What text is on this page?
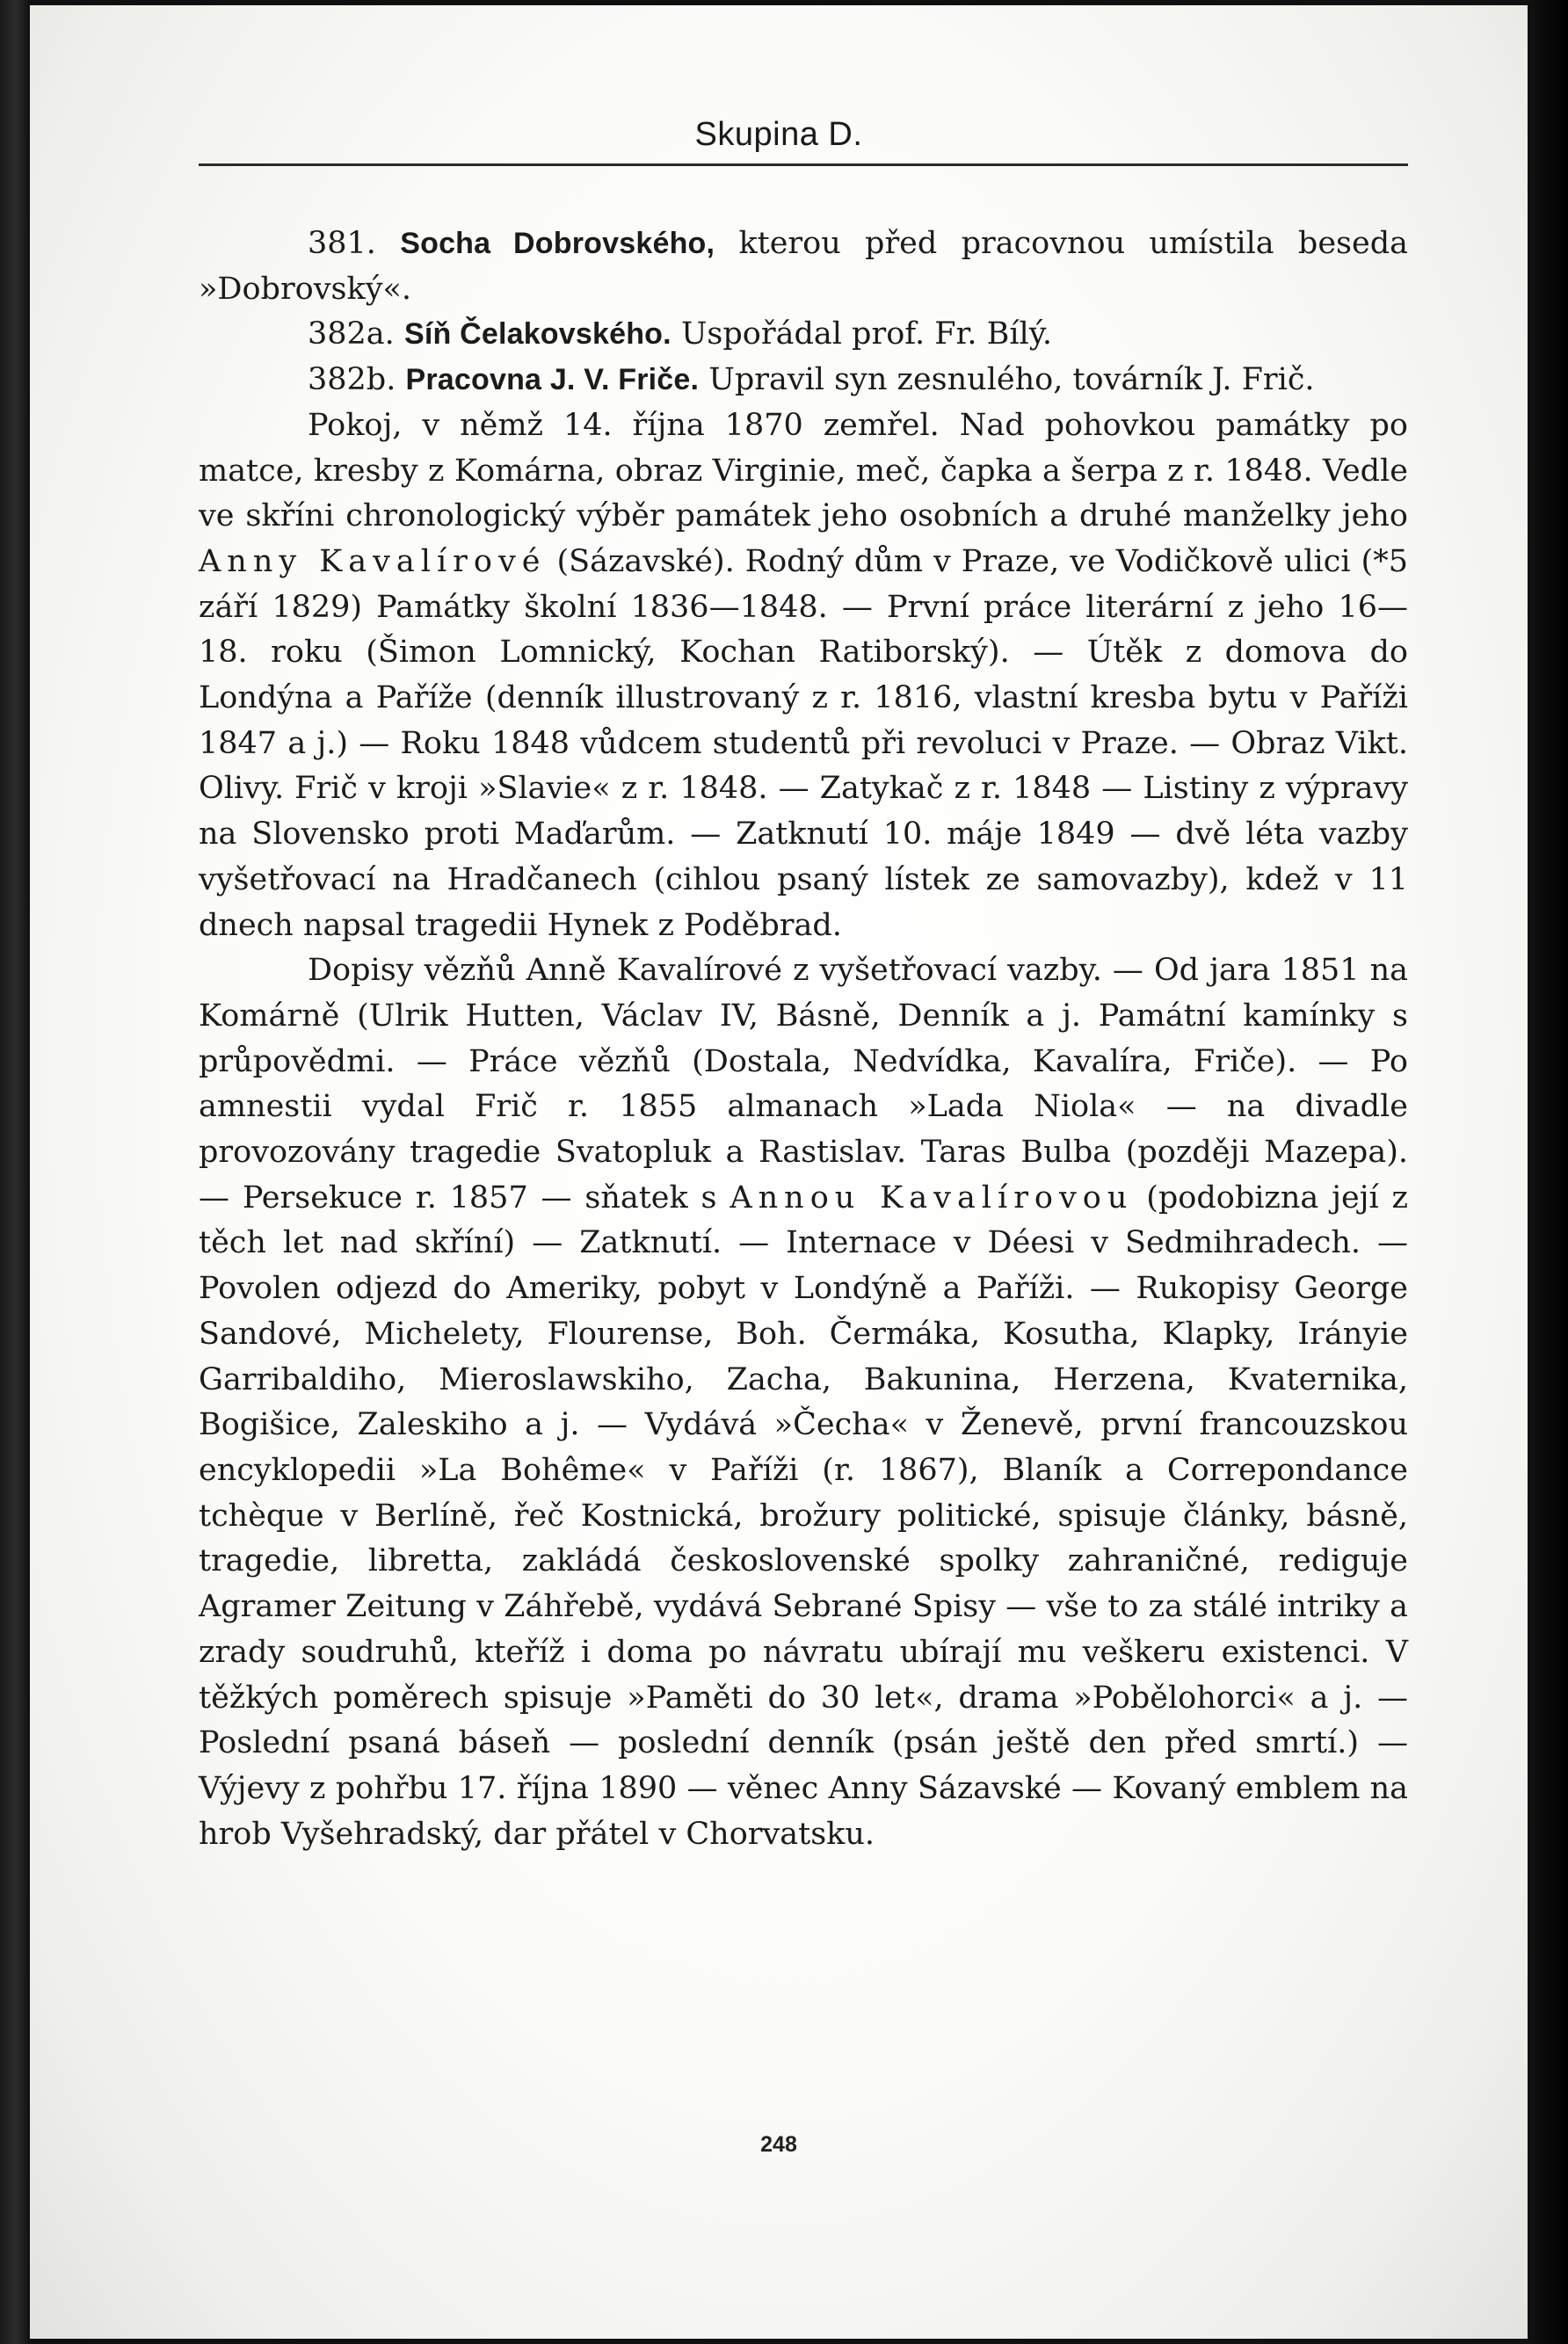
Skupina D.

381. Socha Dobrovského, kterou před pracovnou umístila beseda »Dobrovský«.

382a. Síň Čelakovského. Uspořádal prof. Fr. Bílý.

382b. Pracovna J. V. Friče. Upravil syn zesnulého, továrník J. Frič.

Pokoj, v němž 14. října 1870 zemřel. Nad pohovkou památky po matce, kresby z Komárna, obraz Virginie, meč, čapka a šerpa z r. 1848. Vedle ve skříni chronologický výběr památek jeho osobních a druhé manželky jeho Anny Kavalírové (Sázavské). Rodný dům v Praze, ve Vodičkově ulici (*5 září 1829) Památky školní 1836—1848. — První práce literární z jeho 16—18. roku (Šimon Lomnický, Kochan Ratiborský). — Útěk z domova do Londýna a Paříže (denník illustrovaný z r. 1816, vlastní kresba bytu v Paříži 1847 a j.) — Roku 1848 vůdcem studentů při revoluci v Praze. — Obraz Vikt. Olivy. Frič v kroji »Slavie« z r. 1848. — Zatykač z r. 1848 — Listiny z výpravy na Slovensko proti Maďarům. — Zatknutí 10. máje 1849 — dvě léta vazby vyšetřovací na Hradčanech (cihlou psaný lístek ze samovazby), kdež v 11 dnech napsal tragedii Hynek z Poděbrad.

Dopisy vězňů Anně Kavalírové z vyšetřovací vazby. — Od jara 1851 na Komárně (Ulrik Hutten, Václav IV, Básně, Denník a j. Památní kamínky s průpovědmi. — Práce vězňů (Dostala, Nedvídka, Kavalíra, Friče). — Po amnestii vydal Frič r. 1855 almanach »Lada Niola« — na divadle provozovány tragedie Svatopluk a Rastislav. Taras Bulba (později Mazepa). — Persekuce r. 1857 — sňatek s Annou Kavalírovou (podobizna její z těch let nad skříní) — Zatknutí. — Internace v Déesi v Sedmihradech. — Povolen odjezd do Ameriky, pobyt v Londýně a Paříži. — Rukopisy George Sandové, Michelety, Flourense, Boh. Čermáka, Kosutha, Klapky, Irányie Garribaldiho, Mieroslawskiho, Zacha, Bakunina, Herzena, Kvaternika, Bogišice, Zaleskiho a j. — Vydává »Čecha« v Ženevě, první francouzskou encyklopedii »La Bohême« v Paříži (r. 1867), Blaník a Correpondance tchèque v Berlíně, řeč Kostnická, brožury politické, spisuje články, básně, tragedie, libretta, zakládá československé spolky zahraničné, rediguje Agramer Zeitung v Záhřebě, vydává Sebrané Spisy — vše to za stálé intriky a zrady soudruhů, kteříž i doma po návratu ubírají mu veškeru existenci. V těžkých poměrech spisuje »Paměti do 30 let«, drama »Pobělohorci« a j. — Poslední psaná báseň — poslední denník (psán ještě den před smrtí.) — Výjevy z pohřbu 17. října 1890 — věnec Anny Sázavské — Kovaný emblem na hrob Vyšehradský, dar přátel v Chorvatsku.

248
